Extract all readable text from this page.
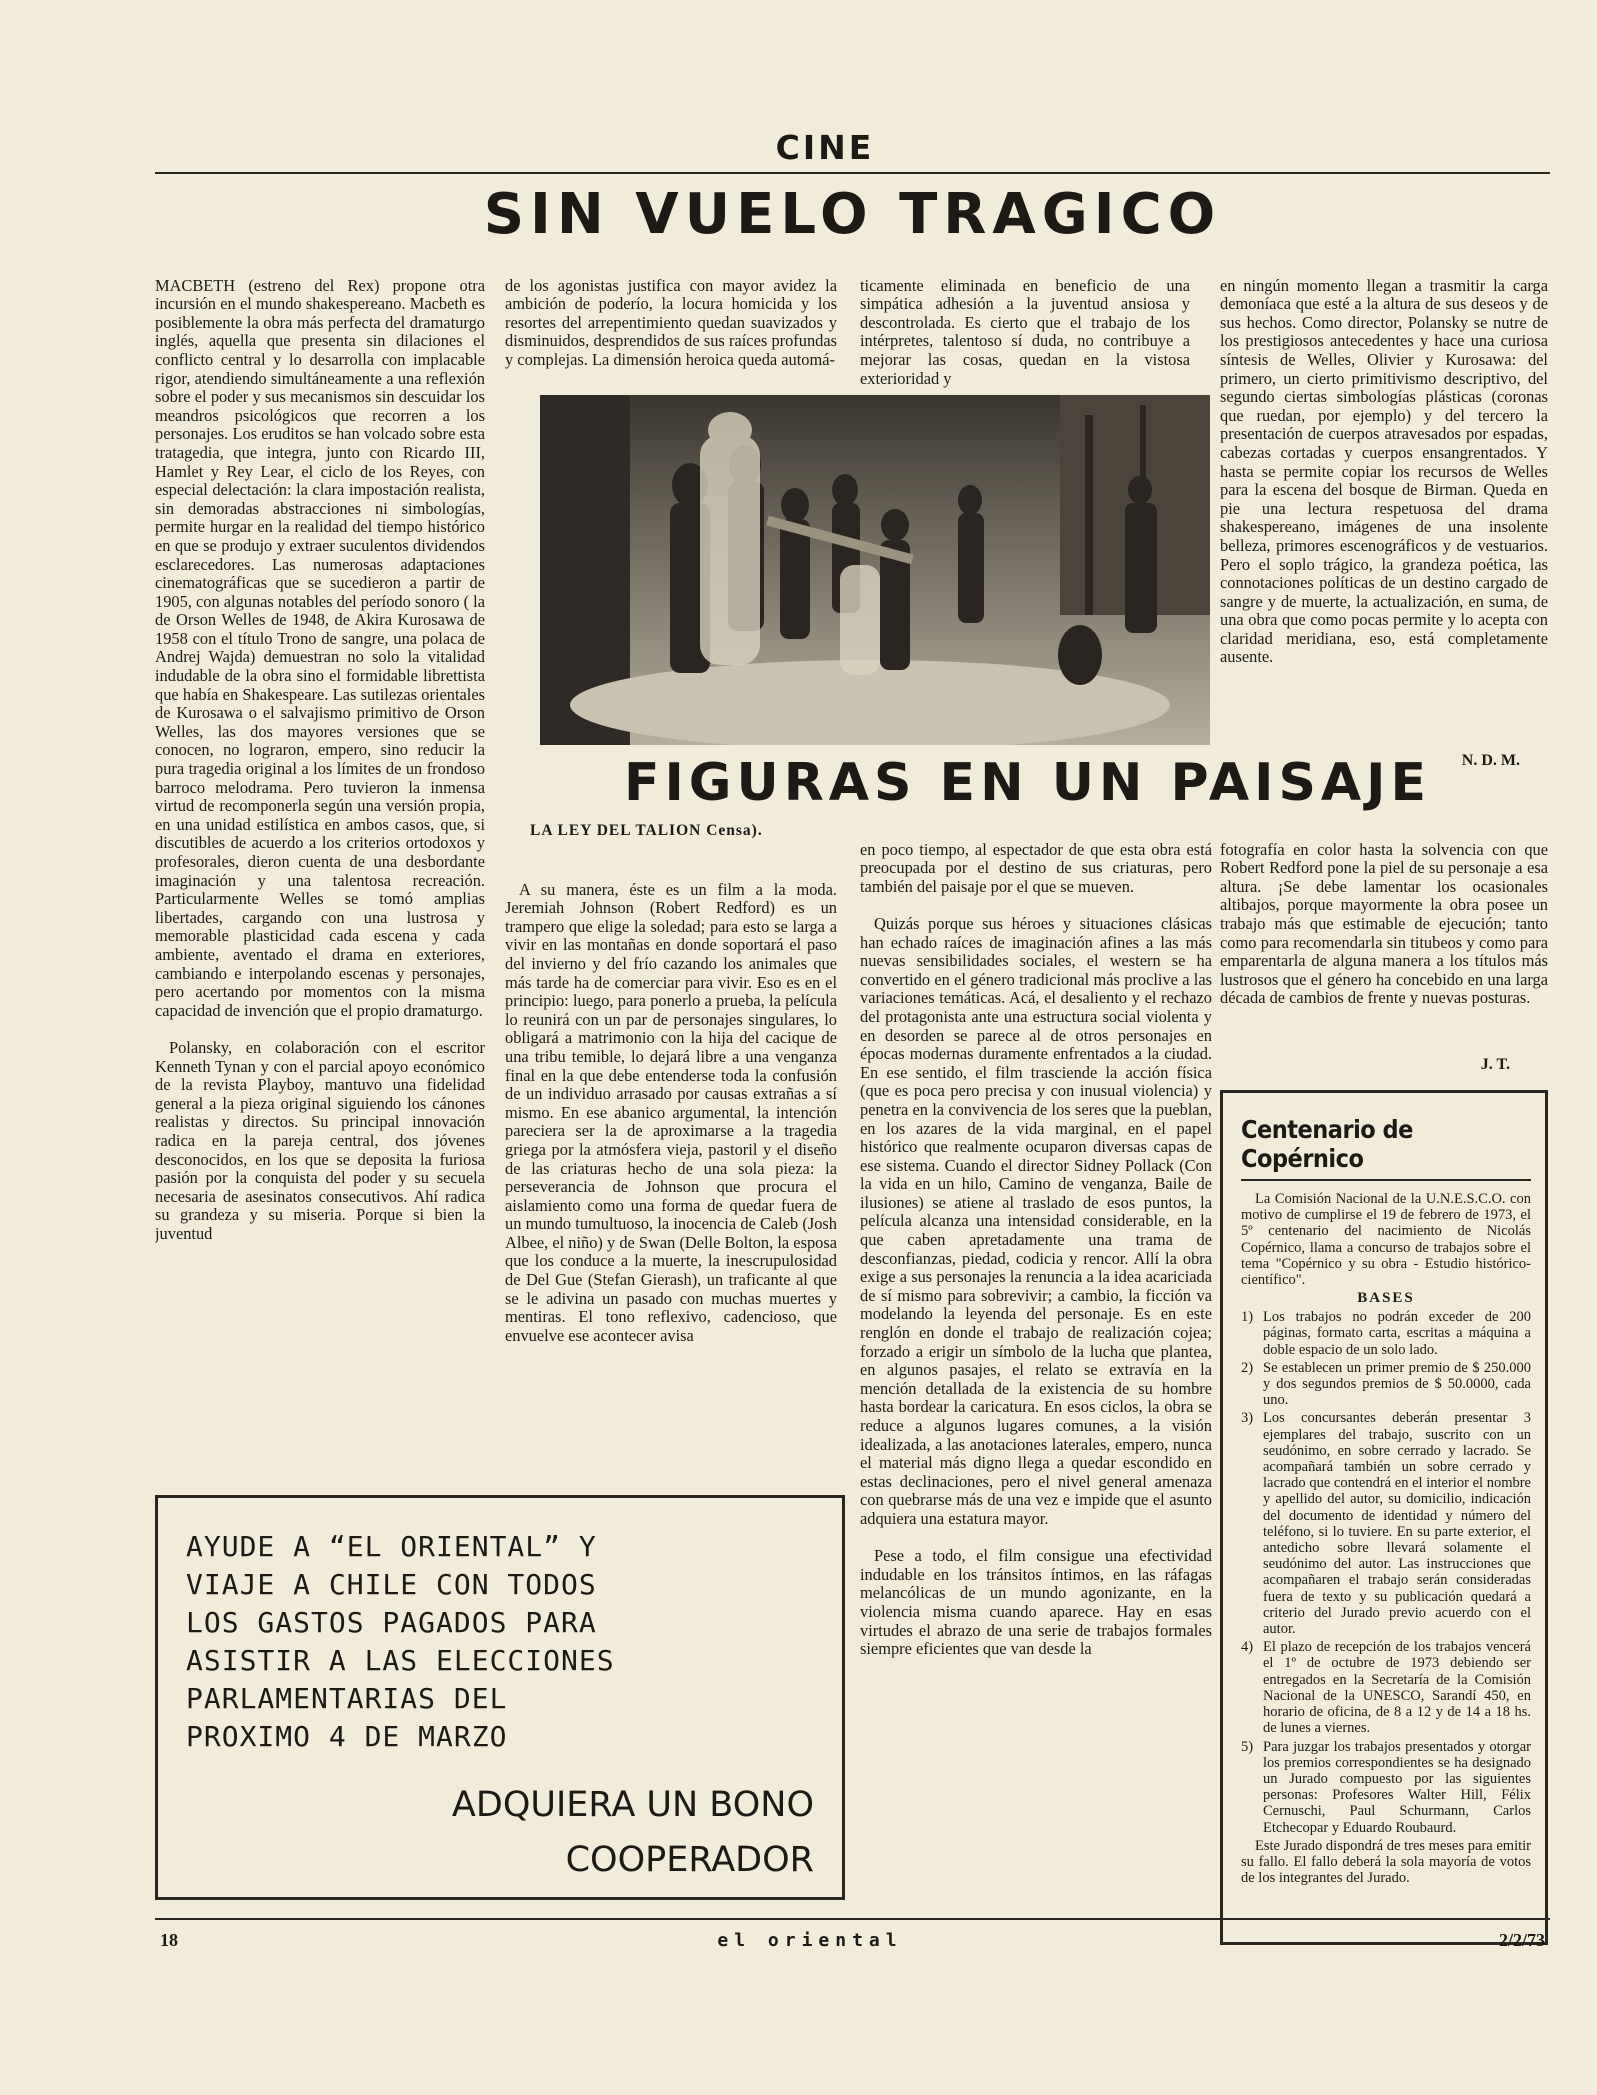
CINE
SIN VUELO TRAGICO

MACBETH (estreno del Rex) propone otra incursión en el mundo shakespereano. Macbeth es posiblemente la obra más perfecta del dramaturgo inglés, aquella que presenta sin dilaciones el conflicto central y lo desarrolla con implacable rigor, atendiendo simultáneamente a una reflexión sobre el poder y sus mecanismos sin descuidar los meandros psicológicos que recorren a los personajes. Los eruditos se han volcado sobre esta tratagedia, que integra, junto con Ricardo III, Hamlet y Rey Lear, el ciclo de los Reyes, con especial delectación: la clara impostación realista, sin demoradas abstracciones ni simbologías, permite hurgar en la realidad del tiempo histórico en que se produjo y extraer suculentos dividendos esclarecedores. Las numerosas adaptaciones cinematográficas que se sucedieron a partir de 1905, con algunas notables del período sonoro ( la de Orson Welles de 1948, de Akira Kurosawa de 1958 con el título Trono de sangre, una polaca de Andrej Wajda) demuestran no solo la vitalidad indudable de la obra sino el formidable librettista que había en Shakespeare. Las sutilezas orientales de Kurosawa o el salvajismo primitivo de Orson Welles, las dos mayores versiones que se conocen, no lograron, empero, sino reducir la pura tragedia original a los límites de un frondoso barroco melodrama. Pero tuvieron la inmensa virtud de recomponerla según una versión propia, en una unidad estilística en ambos casos, que, si discutibles de acuerdo a los criterios ortodoxos y profesorales, dieron cuenta de una desbordante imaginación y una talentosa recreación. Particularmente Welles se tomó amplias libertades, cargando con una lustrosa y memorable plasticidad cada escena y cada ambiente, aventado el drama en exteriores, cambiando e interpolando escenas y personajes, pero acertando por momentos con la misma capacidad de invención que el propio dramaturgo.

Polansky, en colaboración con el escritor Kenneth Tynan y con el parcial apoyo económico de la revista Playboy, mantuvo una fidelidad general a la pieza original siguiendo los cánones realistas y directos. Su principal innovación radica en la pareja central, dos jóvenes desconocidos, en los que se deposita la furiosa pasión por la conquista del poder y su secuela necesaria de asesinatos consecutivos. Ahí radica su grandeza y su miseria. Porque si bien la juventud

de los agonistas justifica con mayor avidez la ambición de poderío, la locura homicida y los resortes del arrepentimiento quedan suavizados y disminuidos, desprendidos de sus raíces profundas y complejas. La dimensión heroica queda automá-

ticamente eliminada en beneficio de una simpática adhesión a la juventud ansiosa y descontrolada. Es cierto que el trabajo de los intérpretes, talentoso sí duda, no contribuye a mejorar las cosas, quedan en la vistosa exterioridad y

en ningún momento llegan a trasmitir la carga demoníaca que esté a la altura de sus deseos y de sus hechos. Como director, Polansky se nutre de los prestigiosos antecedentes y hace una curiosa síntesis de Welles, Olivier y Kurosawa: del primero, un cierto primitivismo descriptivo, del segundo ciertas simbologías plásticas (coronas que ruedan, por ejemplo) y del tercero la presentación de cuerpos atravesados por espadas, cabezas cortadas y cuerpos ensangrentados. Y hasta se permite copiar los recursos de Welles para la escena del bosque de Birman. Queda en pie una lectura respetuosa del drama shakespereano, imágenes de una insolente belleza, primores escenográficos y de vestuarios. Pero el soplo trágico, la grandeza poética, las connotaciones políticas de un destino cargado de sangre y de muerte, la actualización, en suma, de una obra que como pocas permite y lo acepta con claridad meridiana, eso, está completamente ausente.

N. D. M.
FIGURAS EN UN PAISAJE
LA LEY DEL TALION Censa).

A su manera, éste es un film a la moda. Jeremiah Johnson (Robert Redford) es un trampero que elige la soledad; para esto se larga a vivir en las montañas en donde soportará el paso del invierno y del frío cazando los animales que más tarde ha de comerciar para vivir. Eso es en el principio: luego, para ponerlo a prueba, la película lo reunirá con un par de personajes singulares, lo obligará a matrimonio con la hija del cacique de una tribu temible, lo dejará libre a una venganza final en la que debe entenderse toda la confusión de un individuo arrasado por causas extrañas a sí mismo. En ese abanico argumental, la intención pareciera ser la de aproximarse a la tragedia griega por la atmósfera vieja, pastoril y el diseño de las criaturas hecho de una sola pieza: la perseverancia de Johnson que procura el aislamiento como una forma de quedar fuera de un mundo tumultuoso, la inocencia de Caleb (Josh Albee, el niño) y de Swan (Delle Bolton, la esposa que los conduce a la muerte, la inescrupulosidad de Del Gue (Stefan Gierash), un traficante al que se le adivina un pasado con muchas muertes y mentiras. El tono reflexivo, cadencioso, que envuelve ese acontecer avisa

en poco tiempo, al espectador de que esta obra está preocupada por el destino de sus criaturas, pero también del paisaje por el que se mueven.

Quizás porque sus héroes y situaciones clásicas han echado raíces de imaginación afines a las más nuevas sensibilidades sociales, el western se ha convertido en el género tradicional más proclive a las variaciones temáticas. Acá, el desaliento y el rechazo del protagonista ante una estructura social violenta y en desorden se parece al de otros personajes en épocas modernas duramente enfrentados a la ciudad. En ese sentido, el film trasciende la acción física (que es poca pero precisa y con inusual violencia) y penetra en la convivencia de los seres que la pueblan, en los azares de la vida marginal, en el papel histórico que realmente ocuparon diversas capas de ese sistema. Cuando el director Sidney Pollack (Con la vida en un hilo, Camino de venganza, Baile de ilusiones) se atiene al traslado de esos puntos, la película alcanza una intensidad considerable, en la que caben apretadamente una trama de desconfianzas, piedad, codicia y rencor. Allí la obra exige a sus personajes la renuncia a la idea acariciada de sí mismo para sobrevivir; a cambio, la ficción va modelando la leyenda del personaje. Es en este renglón en donde el trabajo de realización cojea; forzado a erigir un símbolo de la lucha que plantea, en algunos pasajes, el relato se extravía en la mención detallada de la existencia de su hombre hasta bordear la caricatura. En esos ciclos, la obra se reduce a algunos lugares comunes, a la visión idealizada, a las anotaciones laterales, empero, nunca el material más digno llega a quedar escondido en estas declinaciones, pero el nivel general amenaza con quebrarse más de una vez e impide que el asunto adquiera una estatura mayor.

Pese a todo, el film consigue una efectividad indudable en los tránsitos íntimos, en las ráfagas melancólicas de un mundo agonizante, en la violencia misma cuando aparece. Hay en esas virtudes el abrazo de una serie de trabajos formales siempre eficientes que van desde la

fotografía en color hasta la solvencia con que Robert Redford pone la piel de su personaje a esa altura. ¡Se debe lamentar los ocasionales altibajos, porque mayormente la obra posee un trabajo más que estimable de ejecución; tanto como para recomendarla sin titubeos y como para emparentarla de alguna manera a los títulos más lustrosos que el género ha concebido en una larga década de cambios de frente y nuevas posturas.

J. T.
AYUDE A “EL ORIENTAL” Y
VIAJE A CHILE CON TODOS
LOS GASTOS PAGADOS PARA
ASISTIR A LAS ELECCIONES
PARLAMENTARIAS DEL
PROXIMO 4 DE MARZO
ADQUIERA UN BONO
COOPERADOR
Centenario de Copérnico
La Comisión Nacional de la U.N.E.S.C.O. con motivo de cumplirse el 19 de febrero de 1973, el 5º centenario del nacimiento de Nicolás Copérnico, llama a concurso de trabajos sobre el tema "Copérnico y su obra - Estudio histórico-científico".
BASES
1) Los trabajos no podrán exceder de 200 páginas, formato carta, escritas a máquina a doble espacio de un solo lado.
2) Se establecen un primer premio de $ 250.000 y dos segundos premios de $ 50.0000, cada uno.
3) Los concursantes deberán presentar 3 ejemplares del trabajo, suscrito con un seudónimo, en sobre cerrado y lacrado. Se acompañará también un sobre cerrado y lacrado que contendrá en el interior el nombre y apellido del autor, su domicilio, indicación del documento de identidad y número del teléfono, si lo tuviere. En su parte exterior, el antedicho sobre llevará solamente el seudónimo del autor. Las instrucciones que acompañaren el trabajo serán consideradas fuera de texto y su publicación quedará a criterio del Jurado previo acuerdo con el autor.
4) El plazo de recepción de los trabajos vencerá el 1º de octubre de 1973 debiendo ser entregados en la Secretaría de la Comisión Nacional de la UNESCO, Sarandí 450, en horario de oficina, de 8 a 12 y de 14 a 18 hs. de lunes a viernes.
5) Para juzgar los trabajos presentados y otorgar los premios correspondientes se ha designado un Jurado compuesto por las siguientes personas: Profesores Walter Hill, Félix Cernuschi, Paul Schurmann, Carlos Etchecopar y Eduardo Roubaurd.
Este Jurado dispondrá de tres meses para emitir su fallo. El fallo deberá la sola mayoría de votos de los integrantes del Jurado.
18	el oriental	2/2/73
